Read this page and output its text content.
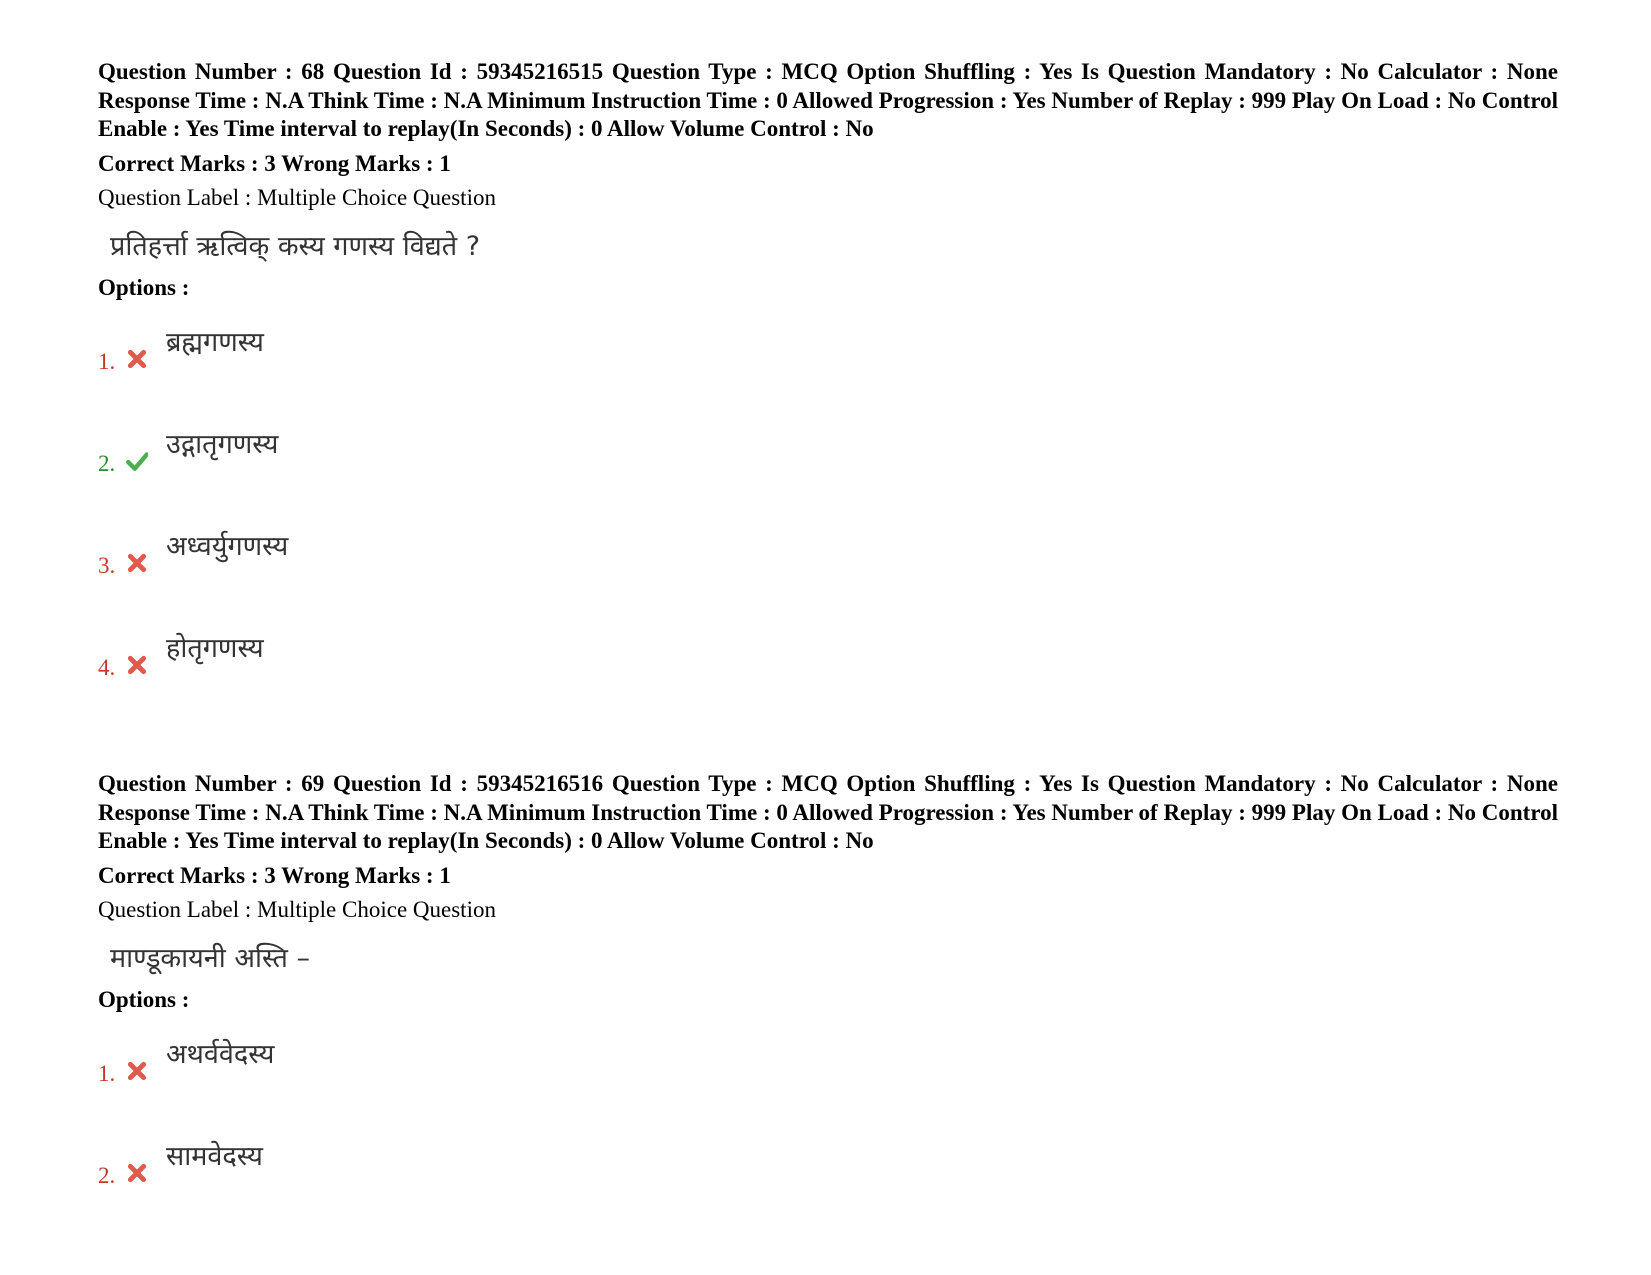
Question Number : 68 Question Id : 59345216515 Question Type : MCQ Option Shuffling : Yes Is Question Mandatory : No Calculator : None Response Time : N.A Think Time : N.A Minimum Instruction Time : 0 Allowed Progression : Yes Number of Replay : 999 Play On Load : No Control Enable : Yes Time interval to replay(In Seconds) : 0 Allow Volume Control : No
Correct Marks : 3 Wrong Marks : 1
Question Label : Multiple Choice Question
प्रतिहर्त्ता ऋत्विक् कस्य गणस्य विद्यते ?
Options :
1.
ब्रह्मगणस्य
2.
उद्गातृगणस्य
3.
अध्वर्युगणस्य
4.
होतृगणस्य
Question Number : 69 Question Id : 59345216516 Question Type : MCQ Option Shuffling : Yes Is Question Mandatory : No Calculator : None Response Time : N.A Think Time : N.A Minimum Instruction Time : 0 Allowed Progression : Yes Number of Replay : 999 Play On Load : No Control Enable : Yes Time interval to replay(In Seconds) : 0 Allow Volume Control : No
Correct Marks : 3 Wrong Marks : 1
Question Label : Multiple Choice Question
माण्डूकायनी अस्ति –
Options :
1.
अथर्ववेदस्य
2.
सामवेदस्य
